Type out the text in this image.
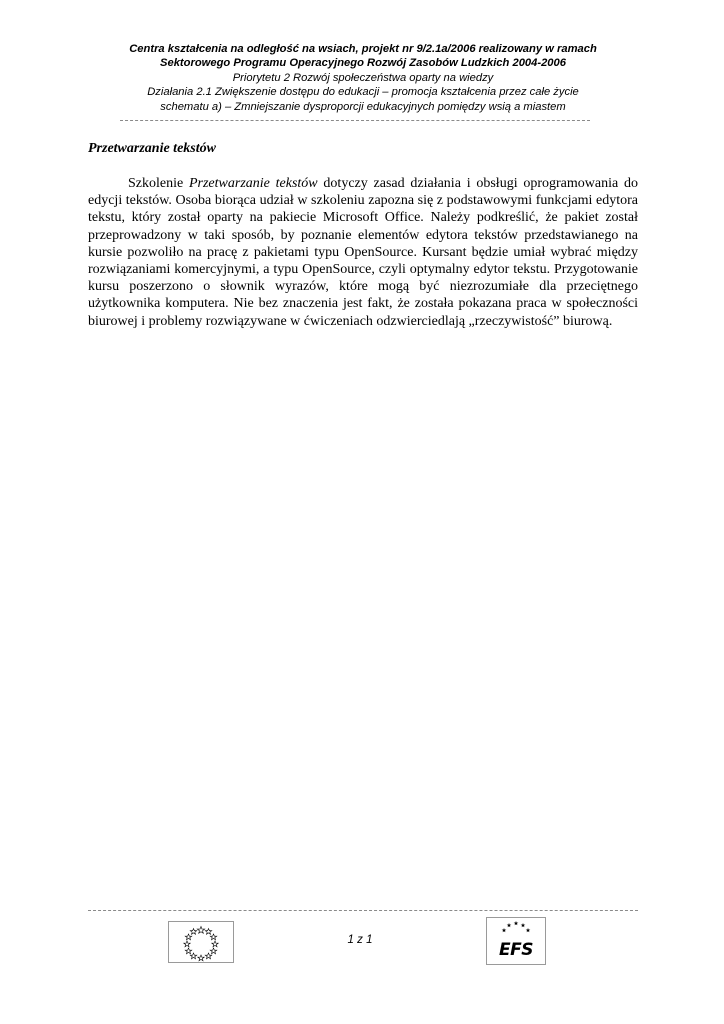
Centra kształcenia na odległość na wsiach, projekt nr 9/2.1a/2006 realizowany w ramach
Sektorowego Programu Operacyjnego Rozwój Zasobów Ludzkich 2004-2006
Priorytetu 2 Rozwój społeczeństwa oparty na wiedzy
Działania 2.1 Zwiększenie dostępu do edukacji – promocja kształcenia przez całe życie
schematu a) – Zmniejszanie dysproporcji edukacyjnych pomiędzy wsią a miastem
Przetwarzanie tekstów

Szkolenie Przetwarzanie tekstów dotyczy zasad działania i obsługi oprogramowania do edycji tekstów. Osoba biorąca udział w szkoleniu zapozna się z podstawowymi funkcjami edytora tekstu, który został oparty na pakiecie Microsoft Office. Należy podkreślić, że pakiet został przeprowadzony w taki sposób, by poznanie elementów edytora tekstów przedstawianego na kursie pozwoliło na pracę z pakietami typu OpenSource. Kursant będzie umiał wybrać między rozwiązaniami komercyjnymi, a typu OpenSource, czyli optymalny edytor tekstu. Przygotowanie kursu poszerzono o słownik wyrazów, które mogą być niezrozumiałe dla przeciętnego użytkownika komputera. Nie bez znaczenia jest fakt, że została pokazana praca w społeczności biurowej i problemy rozwiązywane w ćwiczeniach odzwierciedlają „rzeczywistość” biurową.

1 z 1	EFS
